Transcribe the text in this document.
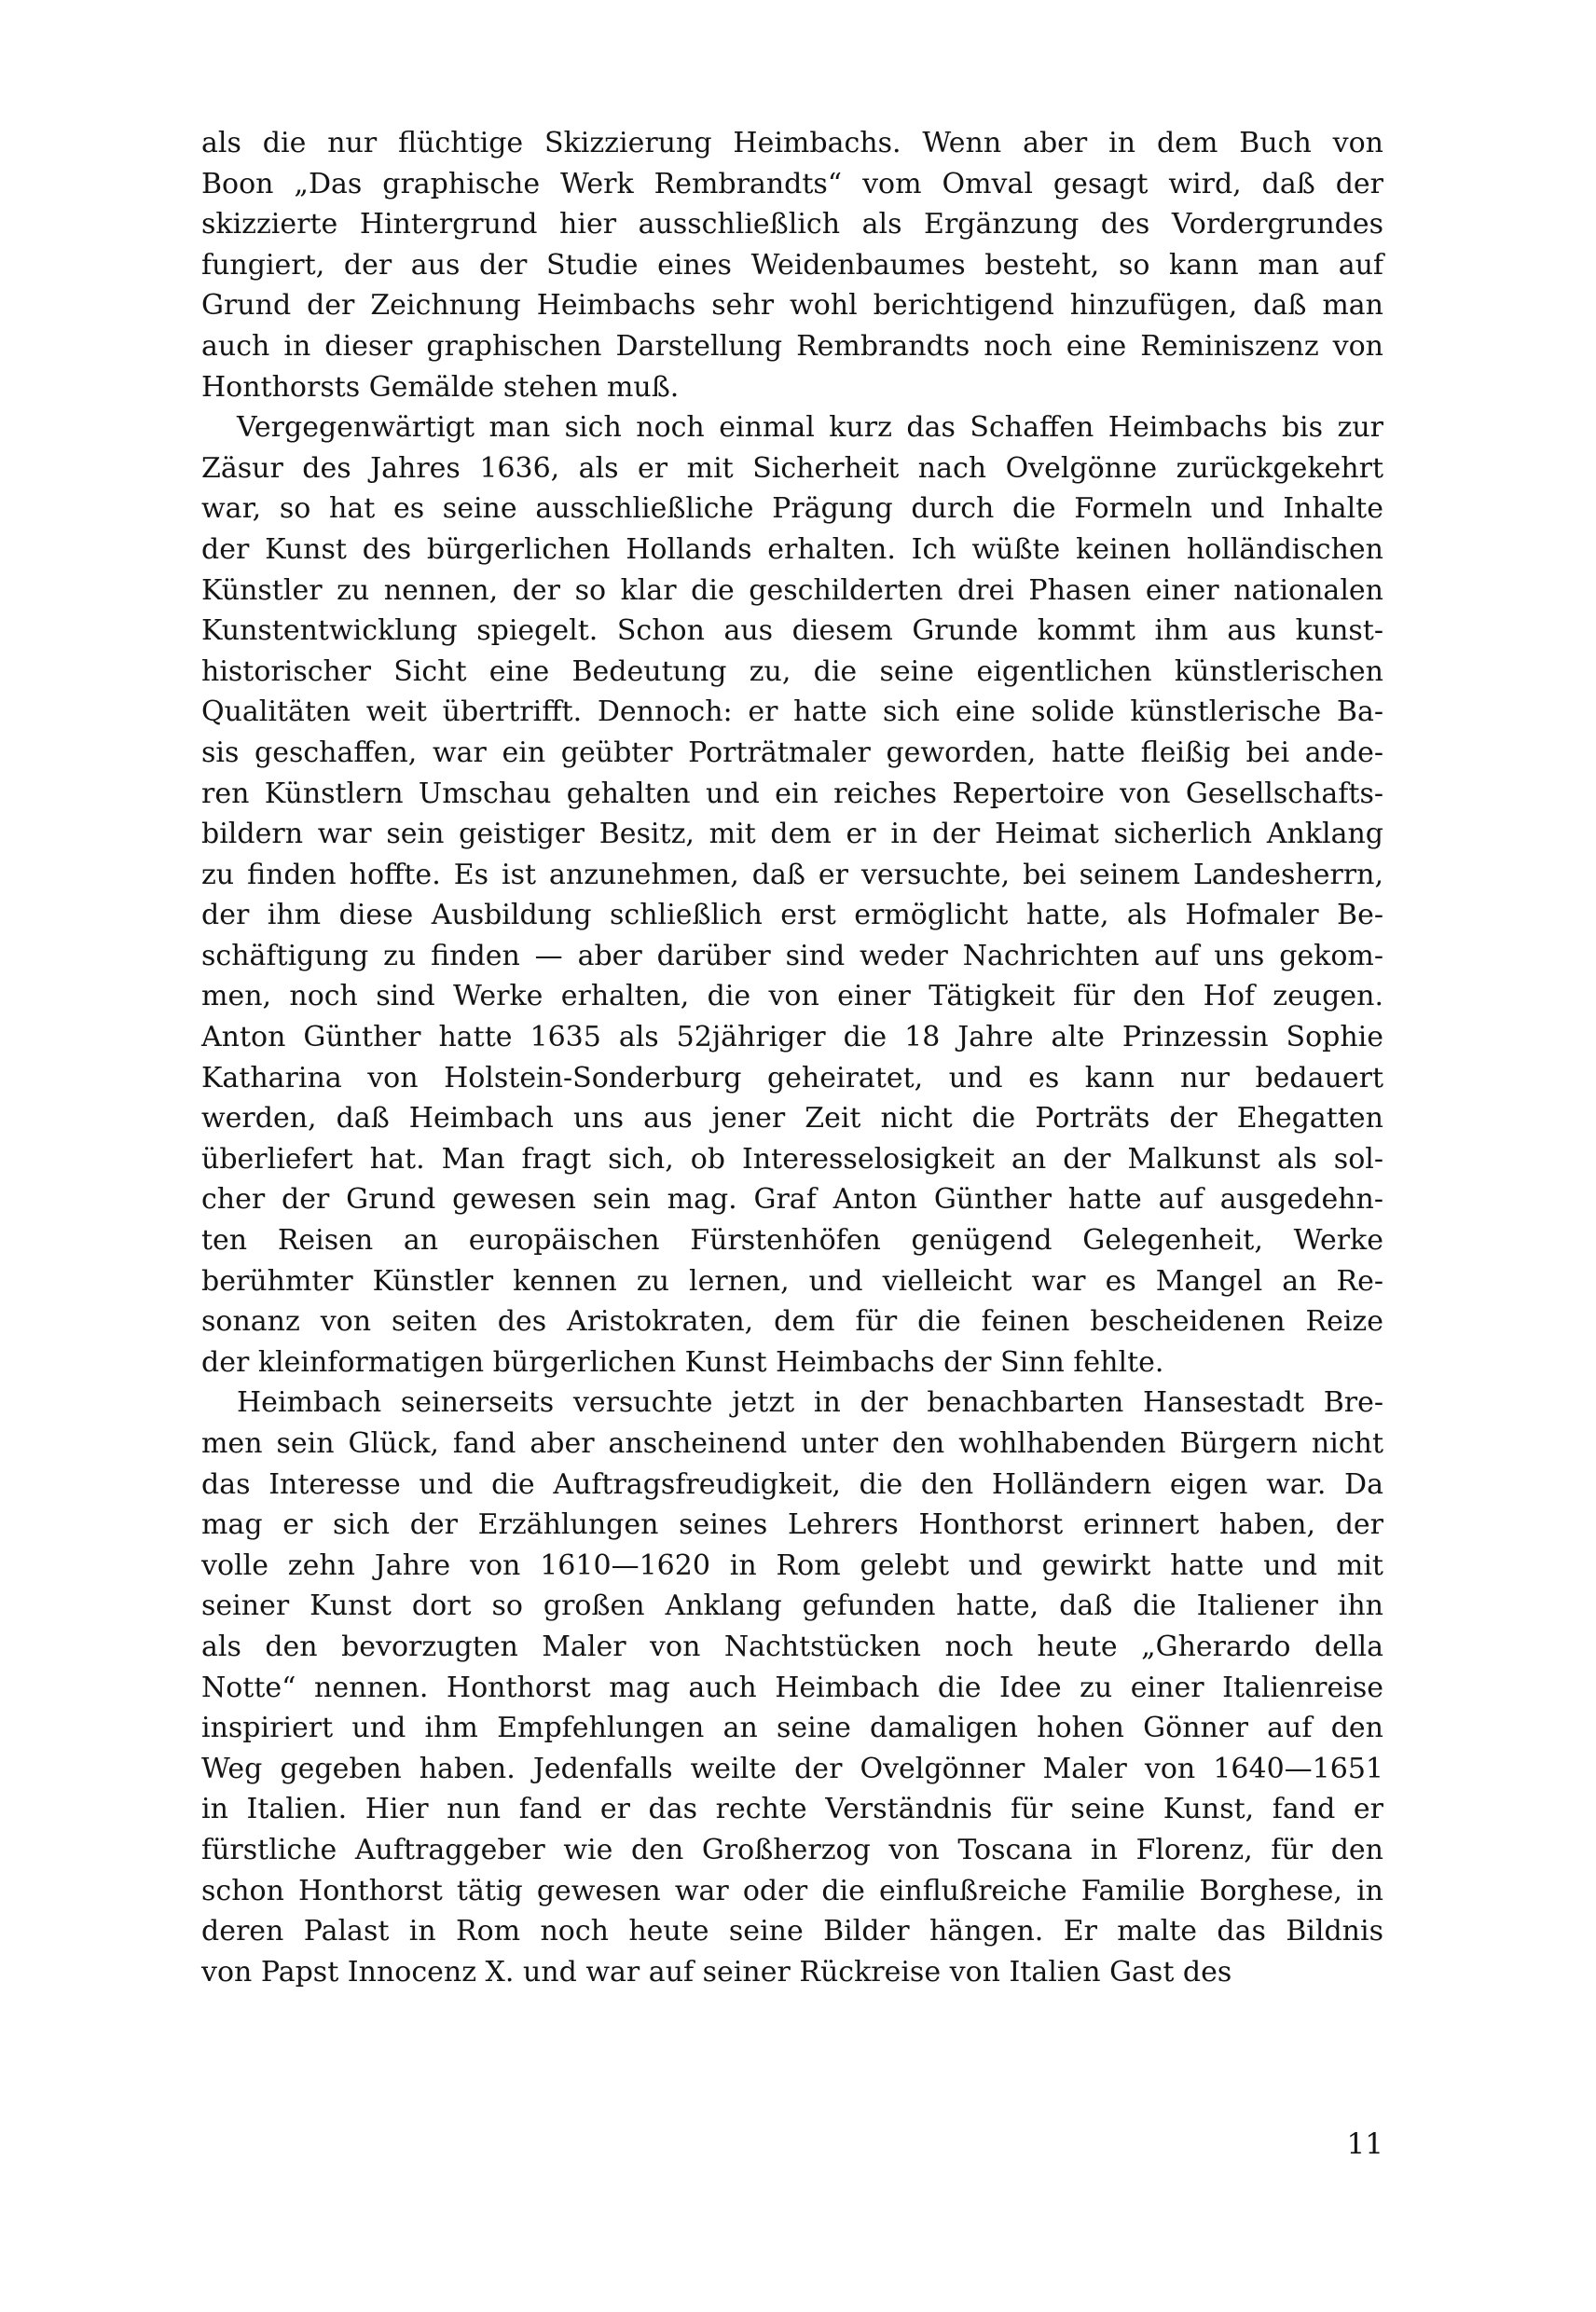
als die nur flüchtige Skizzierung Heimbachs. Wenn aber in dem Buch von
Boon „Das graphische Werk Rembrandts“ vom Omval gesagt wird, daß der
skizzierte Hintergrund hier ausschließlich als Ergänzung des Vordergrundes
fungiert, der aus der Studie eines Weidenbaumes besteht, so kann man auf
Grund der Zeichnung Heimbachs sehr wohl berichtigend hinzufügen, daß man
auch in dieser graphischen Darstellung Rembrandts noch eine Reminiszenz von
Honthorsts Gemälde stehen muß.
Vergegenwärtigt man sich noch einmal kurz das Schaffen Heimbachs bis zur
Zäsur des Jahres 1636, als er mit Sicherheit nach Ovelgönne zurückgekehrt
war, so hat es seine ausschließliche Prägung durch die Formeln und Inhalte
der Kunst des bürgerlichen Hollands erhalten. Ich wüßte keinen holländischen
Künstler zu nennen, der so klar die geschilderten drei Phasen einer nationalen
Kunstentwicklung spiegelt. Schon aus diesem Grunde kommt ihm aus kunst-
historischer Sicht eine Bedeutung zu, die seine eigentlichen künstlerischen
Qualitäten weit übertrifft. Dennoch: er hatte sich eine solide künstlerische Ba-
sis geschaffen, war ein geübter Porträtmaler geworden, hatte fleißig bei ande-
ren Künstlern Umschau gehalten und ein reiches Repertoire von Gesellschafts-
bildern war sein geistiger Besitz, mit dem er in der Heimat sicherlich Anklang
zu finden hoffte. Es ist anzunehmen, daß er versuchte, bei seinem Landesherrn,
der ihm diese Ausbildung schließlich erst ermöglicht hatte, als Hofmaler Be-
schäftigung zu finden — aber darüber sind weder Nachrichten auf uns gekom-
men, noch sind Werke erhalten, die von einer Tätigkeit für den Hof zeugen.
Anton Günther hatte 1635 als 52jähriger die 18 Jahre alte Prinzessin Sophie
Katharina von Holstein-Sonderburg geheiratet, und es kann nur bedauert
werden, daß Heimbach uns aus jener Zeit nicht die Porträts der Ehegatten
überliefert hat. Man fragt sich, ob Interesselosigkeit an der Malkunst als sol-
cher der Grund gewesen sein mag. Graf Anton Günther hatte auf ausgedehn-
ten Reisen an europäischen Fürstenhöfen genügend Gelegenheit, Werke
berühmter Künstler kennen zu lernen, und vielleicht war es Mangel an Re-
sonanz von seiten des Aristokraten, dem für die feinen bescheidenen Reize
der kleinformatigen bürgerlichen Kunst Heimbachs der Sinn fehlte.
Heimbach seinerseits versuchte jetzt in der benachbarten Hansestadt Bre-
men sein Glück, fand aber anscheinend unter den wohlhabenden Bürgern nicht
das Interesse und die Auftragsfreudigkeit, die den Holländern eigen war. Da
mag er sich der Erzählungen seines Lehrers Honthorst erinnert haben, der
volle zehn Jahre von 1610—1620 in Rom gelebt und gewirkt hatte und mit
seiner Kunst dort so großen Anklang gefunden hatte, daß die Italiener ihn
als den bevorzugten Maler von Nachtstücken noch heute „Gherardo della
Notte“ nennen. Honthorst mag auch Heimbach die Idee zu einer Italienreise
inspiriert und ihm Empfehlungen an seine damaligen hohen Gönner auf den
Weg gegeben haben. Jedenfalls weilte der Ovelgönner Maler von 1640—1651
in Italien. Hier nun fand er das rechte Verständnis für seine Kunst, fand er
fürstliche Auftraggeber wie den Großherzog von Toscana in Florenz, für den
schon Honthorst tätig gewesen war oder die einflußreiche Familie Borghese, in
deren Palast in Rom noch heute seine Bilder hängen. Er malte das Bildnis
von Papst Innocenz X. und war auf seiner Rückreise von Italien Gast des
11
